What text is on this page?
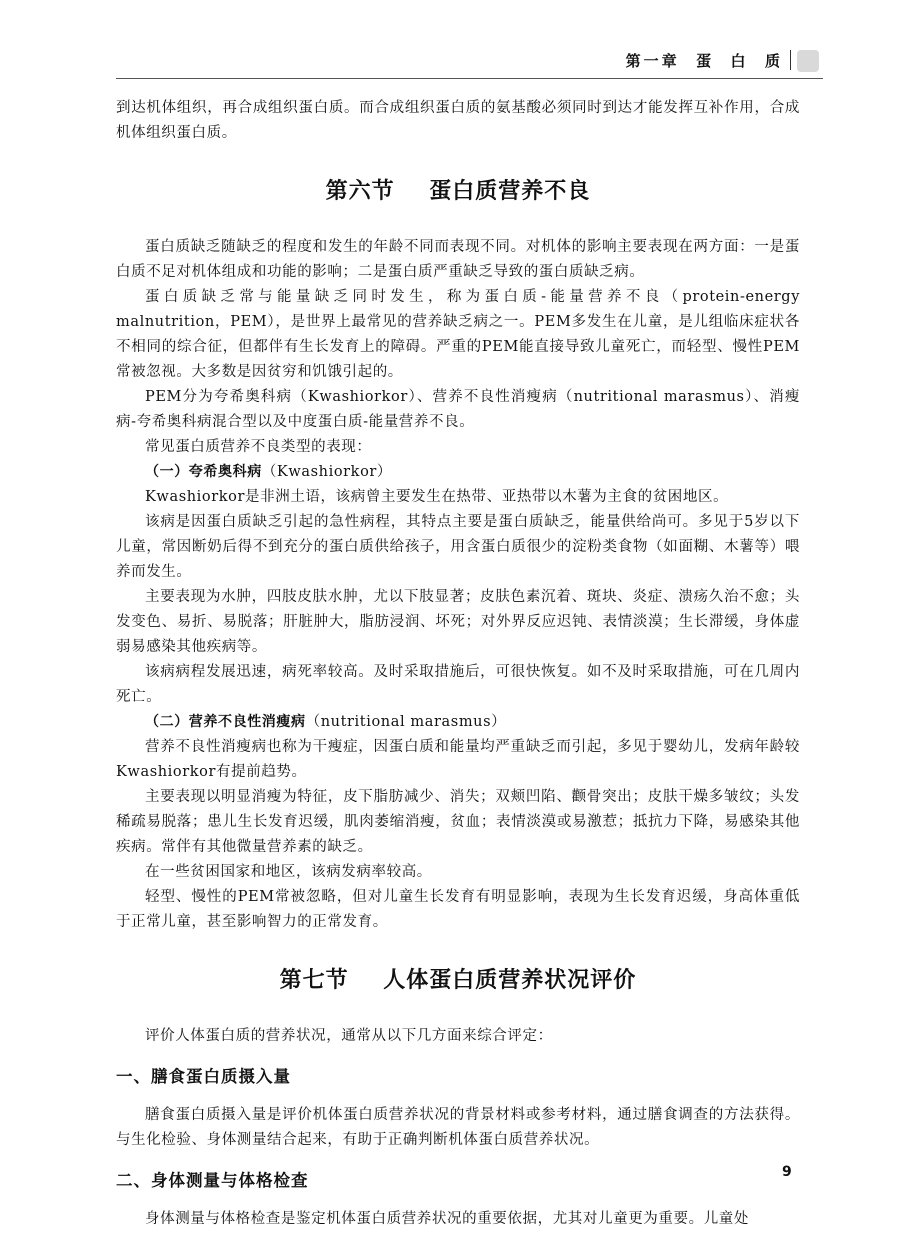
第一章  蛋  白  质

到达机体组织，再合成组织蛋白质。而合成组织蛋白质的氨基酸必须同时到达才能发挥互补作用，合成机体组织蛋白质。

第六节    蛋白质营养不良

蛋白质缺乏随缺乏的程度和发生的年龄不同而表现不同。对机体的影响主要表现在两方面：一是蛋白质不足对机体组成和功能的影响；二是蛋白质严重缺乏导致的蛋白质缺乏病。

蛋白质缺乏常与能量缺乏同时发生，称为蛋白质-能量营养不良（protein-energy malnutrition，PEM），是世界上最常见的营养缺乏病之一。PEM多发生在儿童，是儿组临床症状各不相同的综合征，但都伴有生长发育上的障碍。严重的PEM能直接导致儿童死亡，而轻型、慢性PEM常被忽视。大多数是因贫穷和饥饿引起的。

PEM分为夸希奥科病（Kwashiorkor）、营养不良性消瘦病（nutritional marasmus）、消瘦病-夸希奥科病混合型以及中度蛋白质-能量营养不良。

常见蛋白质营养不良类型的表现：

（一）夸希奥科病（Kwashiorkor）

Kwashiorkor是非洲土语，该病曾主要发生在热带、亚热带以木薯为主食的贫困地区。

该病是因蛋白质缺乏引起的急性病程，其特点主要是蛋白质缺乏，能量供给尚可。多见于5岁以下儿童，常因断奶后得不到充分的蛋白质供给孩子，用含蛋白质很少的淀粉类食物（如面糊、木薯等）喂养而发生。

主要表现为水肿，四肢皮肤水肿，尤以下肢显著；皮肤色素沉着、斑块、炎症、溃疡久治不愈；头发变色、易折、易脱落；肝脏肿大，脂肪浸润、坏死；对外界反应迟钝、表情淡漠；生长滞缓，身体虚弱易感染其他疾病等。

该病病程发展迅速，病死率较高。及时采取措施后，可很快恢复。如不及时采取措施，可在几周内死亡。

（二）营养不良性消瘦病（nutritional marasmus）

营养不良性消瘦病也称为干瘦症，因蛋白质和能量均严重缺乏而引起，多见于婴幼儿，发病年龄较Kwashiorkor有提前趋势。

主要表现以明显消瘦为特征，皮下脂肪减少、消失；双颊凹陷、颧骨突出；皮肤干燥多皱纹；头发稀疏易脱落；患儿生长发育迟缓，肌肉萎缩消瘦，贫血；表情淡漠或易激惹；抵抗力下降，易感染其他疾病。常伴有其他微量营养素的缺乏。

在一些贫困国家和地区，该病发病率较高。

轻型、慢性的PEM常被忽略，但对儿童生长发育有明显影响，表现为生长发育迟缓，身高体重低于正常儿童，甚至影响智力的正常发育。

第七节    人体蛋白质营养状况评价

评价人体蛋白质的营养状况，通常从以下几方面来综合评定：

一、膳食蛋白质摄入量

膳食蛋白质摄入量是评价机体蛋白质营养状况的背景材料或参考材料，通过膳食调查的方法获得。与生化检验、身体测量结合起来，有助于正确判断机体蛋白质营养状况。

二、身体测量与体格检查

身体测量与体格检查是鉴定机体蛋白质营养状况的重要依据，尤其对儿童更为重要。儿童处

9
